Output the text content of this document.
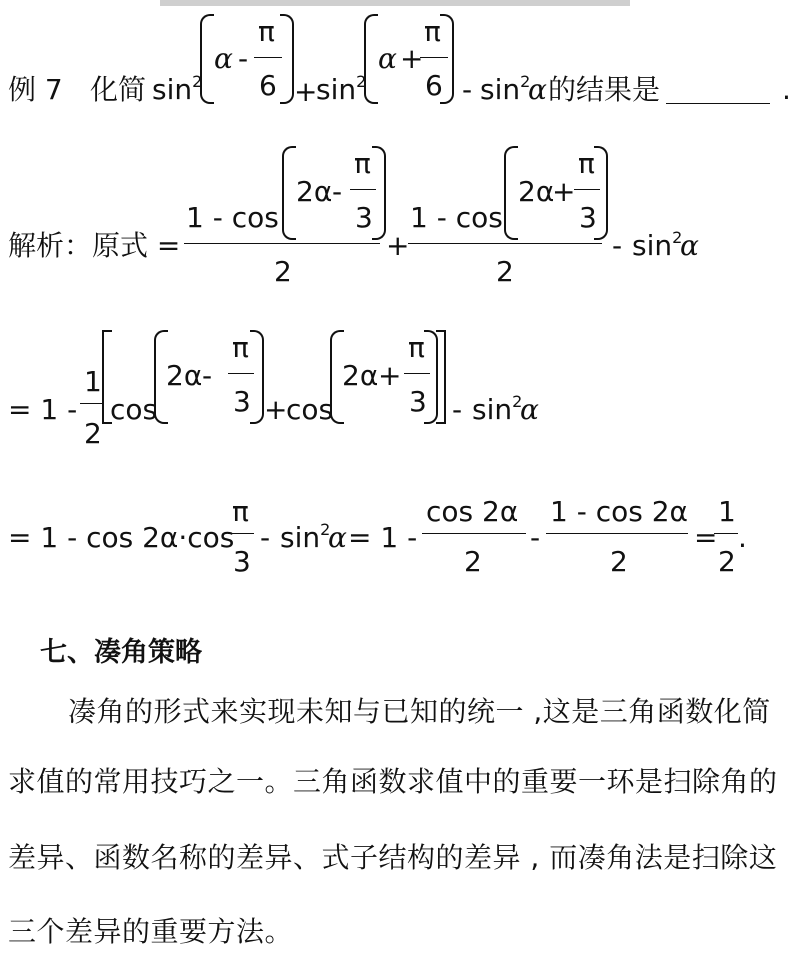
例 7 化简 $\sin^2$
α -
π
6 +
$\sin^2$
α +
π
$6 - \sin^2$
α 的结果是	.
解析：原式 =
1 - cos
2α -
π
3
2
+
1 - cos
2α
+
π
3
2
- $\sin^2$
α
= 1 -
1
2
cos
2α -
π
3 +
cos
2α +
π
$3 - \sin^2$
α
= 1 - cos 2α·cos
π
3
- $\sin^2$
α = 1 -
cos 2α
2
-
1 - cos 2α
2
=
1
2
.
七、凑角策略
凑角的形式来实现未知与已知的统一 ,这是三角函数化简
求值的常用技巧之一。三角函数求值中的重要一环是扫除角的
差异、函数名称的差异、式子结构的差异 , 而凑角法是扫除这
三个差异的重要方法。
